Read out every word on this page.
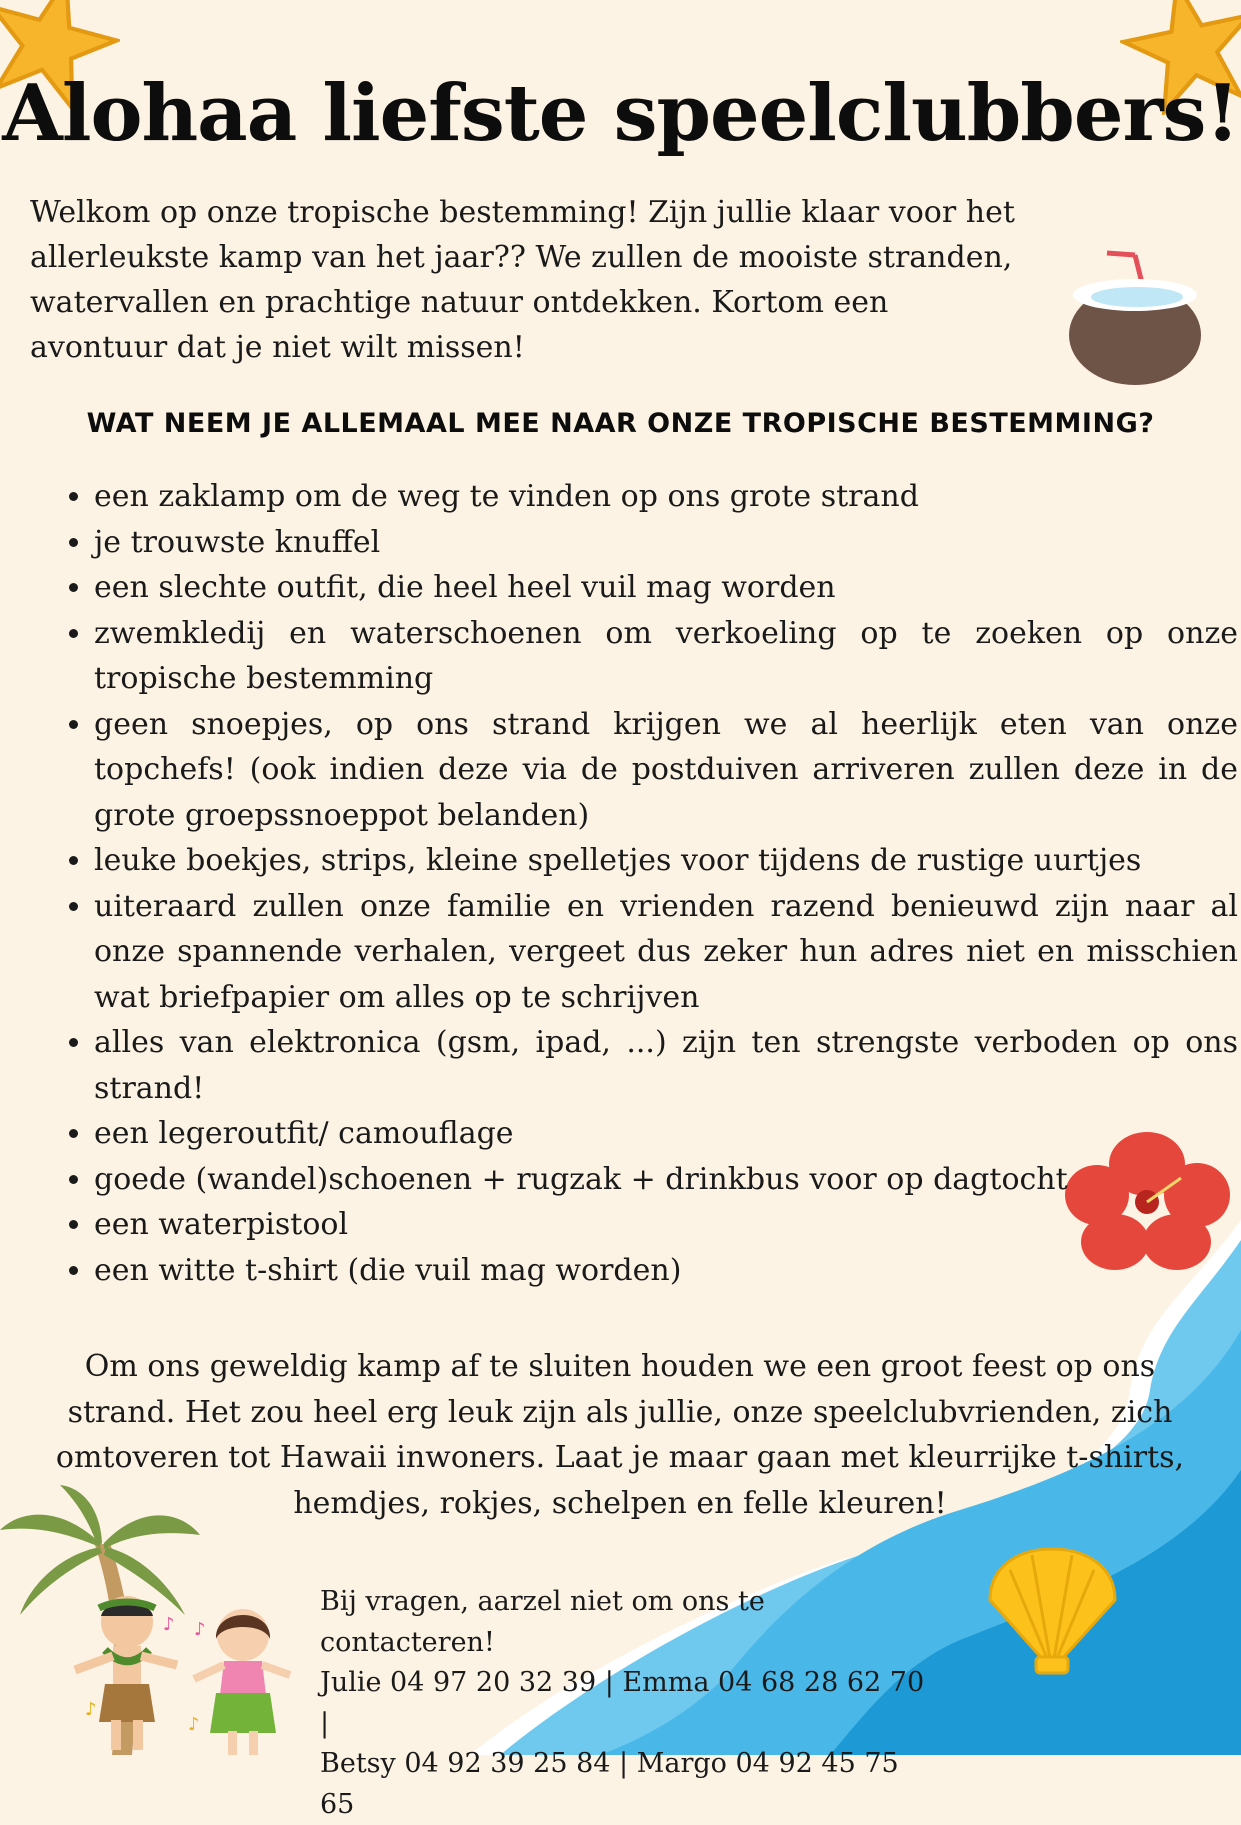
♪
♪
♪
♪
Alohaa liefste speelclubbers!

Welkom op onze tropische bestemming! Zijn jullie klaar voor het allerleukste kamp van het jaar?? We zullen de mooiste stranden, watervallen en prachtige natuur ontdekken. Kortom een avontuur dat je niet wilt missen!

WAT NEEM JE ALLEMAAL MEE NAAR ONZE TROPISCHE BESTEMMING?
• een zaklamp om de weg te vinden op ons grote strand
• je trouwste knuffel
• een slechte outfit, die heel heel vuil mag worden
• zwemkledij en waterschoenen om verkoeling op te zoeken op onze tropische bestemming
• geen snoepjes, op ons strand krijgen we al heerlijk eten van onze topchefs! (ook indien deze via de postduiven arriveren zullen deze in de grote groepssnoeppot belanden)
• leuke boekjes, strips, kleine spelletjes voor tijdens de rustige uurtjes
• uiteraard zullen onze familie en vrienden razend benieuwd zijn naar al onze spannende verhalen, vergeet dus zeker hun adres niet en misschien wat briefpapier om alles op te schrijven
• alles van elektronica (gsm, ipad, ...) zijn ten strengste verboden op ons strand!
• een legeroutfit/ camouflage
• goede (wandel)schoenen + rugzak + drinkbus voor op dagtocht
• een waterpistool
• een witte t-shirt (die vuil mag worden)

Om ons geweldig kamp af te sluiten houden we een groot feest op ons strand. Het zou heel erg leuk zijn als jullie, onze speelclubvrienden, zich omtoveren tot Hawaii inwoners. Laat je maar gaan met kleurrijke t-shirts, hemdjes, rokjes, schelpen en felle kleuren!

Bij vragen, aarzel niet om ons te contacteren!
Julie 04 97 20 32 39 | Emma 04 68 28 62 70 |
Betsy 04 92 39 25 84 | Margo 04 92 45 75 65
